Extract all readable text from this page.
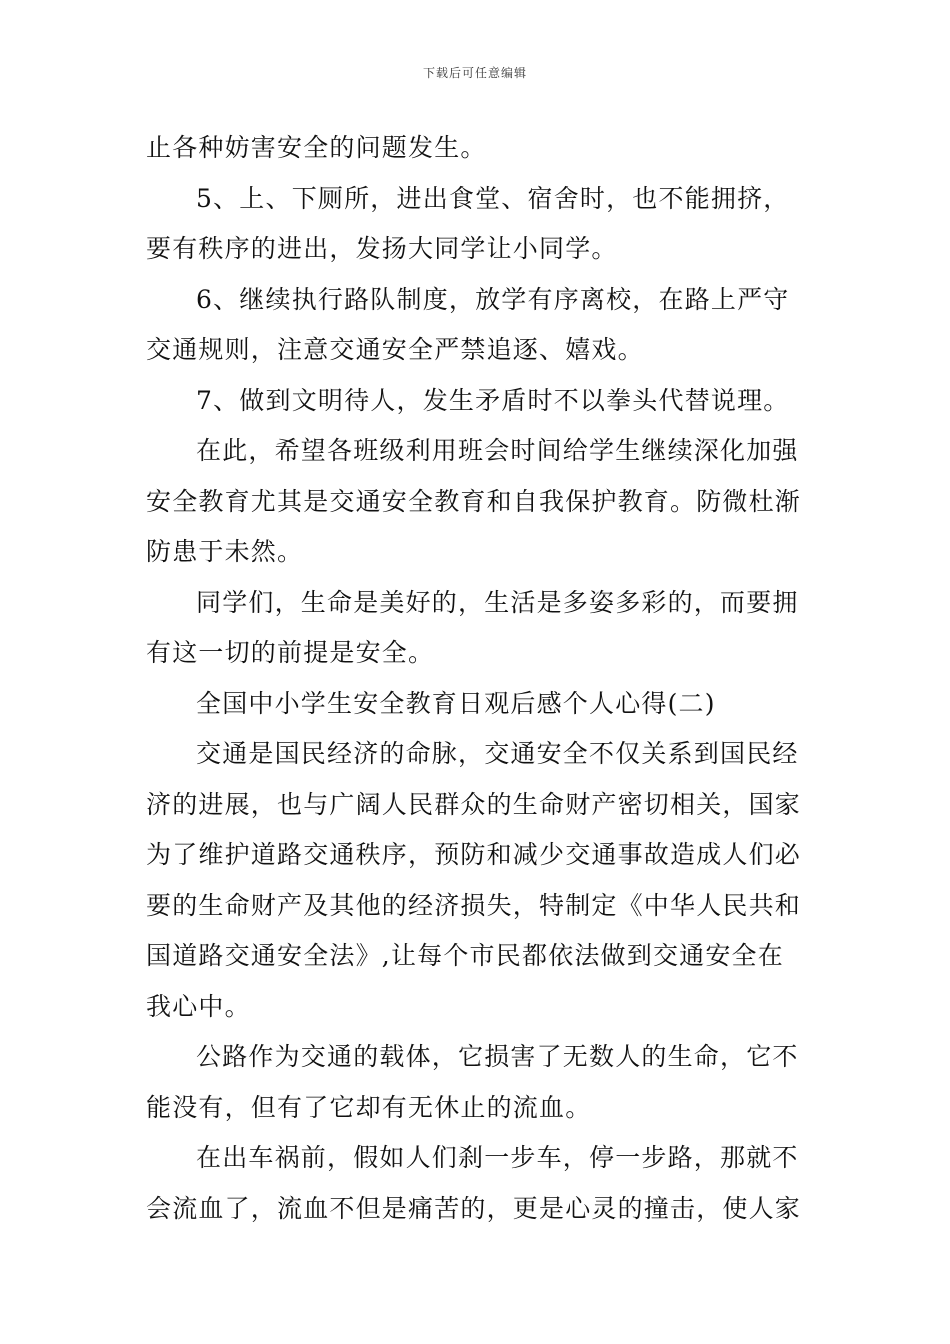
下载后可任意编辑

止各种妨害安全的问题发生。

5、上、下厕所，进出食堂、宿舍时，也不能拥挤，要有秩序的进出，发扬大同学让小同学。

6、继续执行路队制度，放学有序离校，在路上严守交通规则，注意交通安全严禁追逐、嬉戏。

7、做到文明待人，发生矛盾时不以拳头代替说理。

在此，希望各班级利用班会时间给学生继续深化加强安全教育尤其是交通安全教育和自我保护教育。防微杜渐防患于未然。

同学们，生命是美好的，生活是多姿多彩的，而要拥有这一切的前提是安全。

全国中小学生安全教育日观后感个人心得(二)

交通是国民经济的命脉，交通安全不仅关系到国民经济的进展，也与广阔人民群众的生命财产密切相关，国家为了维护道路交通秩序，预防和减少交通事故造成人们必要的生命财产及其他的经济损失，特制定《中华人民共和国道路交通安全法》,让每个市民都依法做到交通安全在我心中。

公路作为交通的载体，它损害了无数人的生命，它不能没有，但有了它却有无休止的流血。

在出车祸前，假如人们刹一步车，停一步路，那就不会流血了，流血不但是痛苦的，更是心灵的撞击，使人家
